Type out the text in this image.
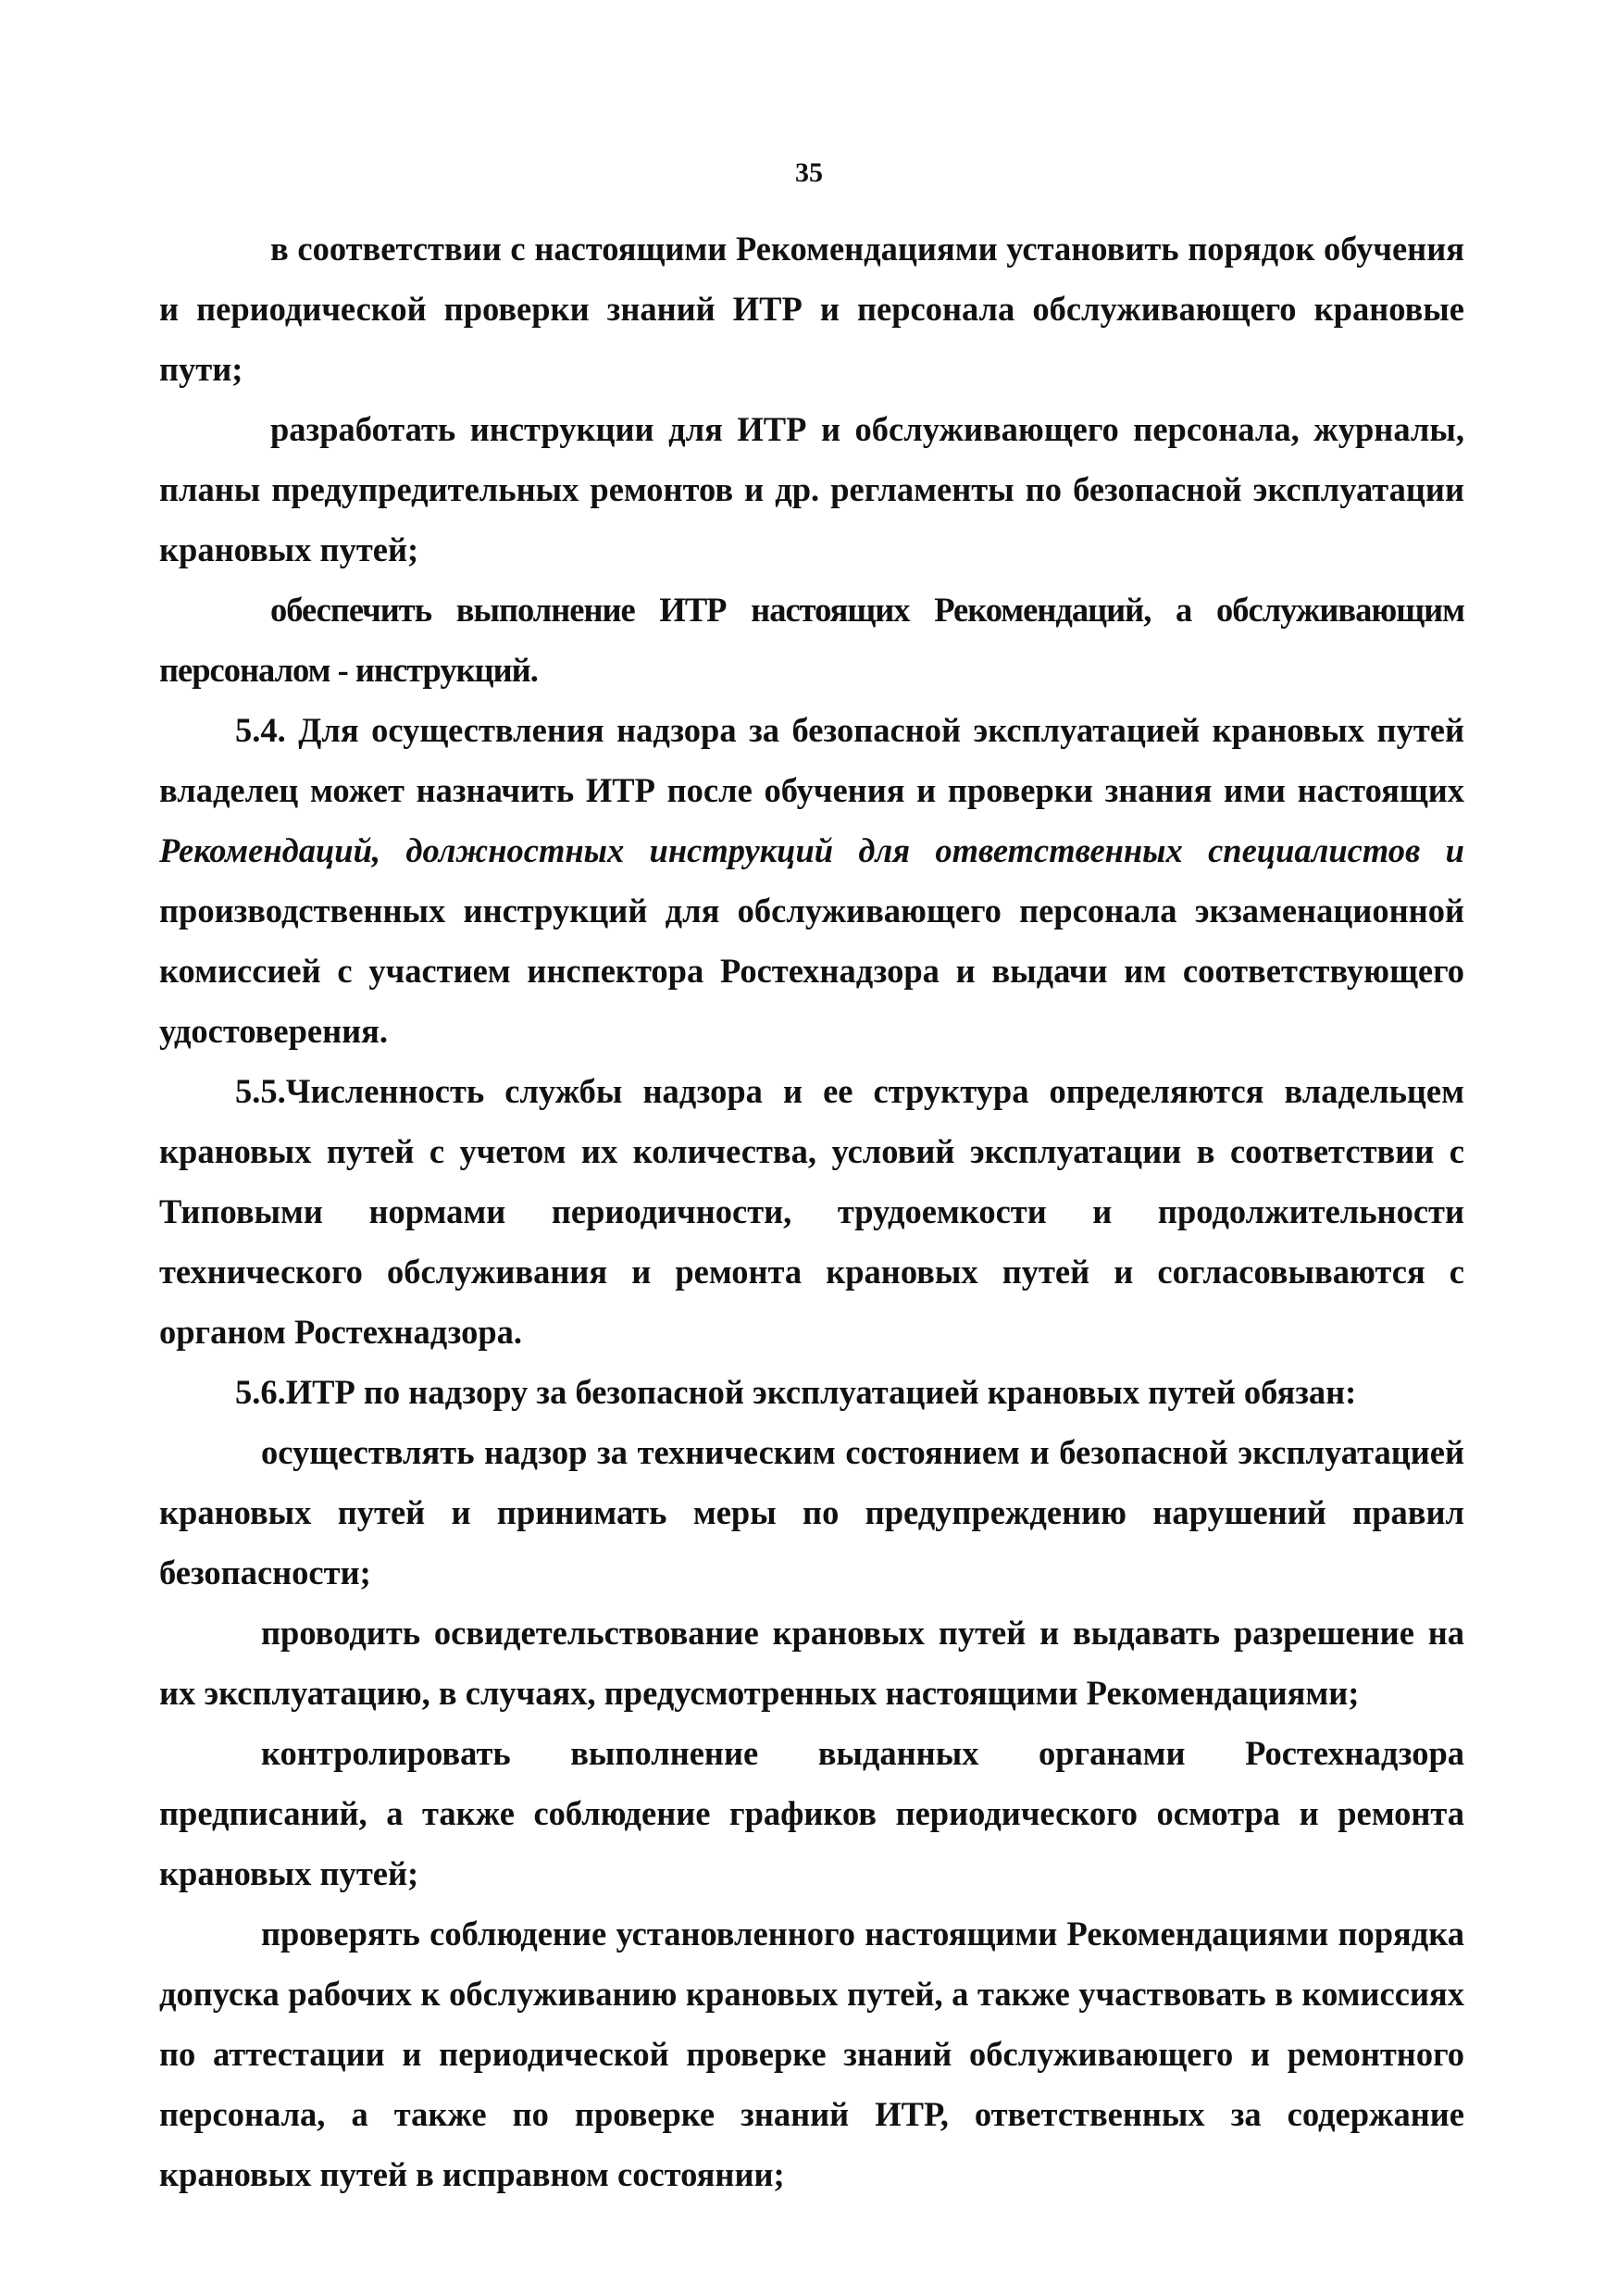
35

в соответствии с настоящими Рекомендациями установить порядок обучения и периодической проверки знаний ИТР и персонала обслуживающего крановые пути;

разработать инструкции для ИТР и обслуживающего персонала, журналы, планы предупредительных ремонтов и др. регламенты по безопасной эксплуатации крановых путей;

обеспечить выполнение ИТР настоящих Рекомендаций, а обслуживающим персоналом - инструкций.

5.4. Для осуществления надзора за безопасной эксплуатацией крановых путей владелец может назначить ИТР после обучения и проверки знания ими настоящих Рекомендаций, должностных инструкций для ответственных специалистов и производственных инструкций для обслуживающего персонала экзаменационной комиссией с участием инспектора Ростехнадзора и выдачи им соответствующего удостоверения.

5.5.Численность службы надзора и ее структура определяются владельцем крановых путей с учетом их количества, условий эксплуатации в соответствии с Типовыми нормами периодичности, трудоемкости и продолжительности технического обслуживания и ремонта крановых путей и согласовываются с органом Ростехнадзора.

5.6.ИТР по надзору за безопасной эксплуатацией крановых путей обязан:

осуществлять надзор за техническим состоянием и безопасной эксплуатацией крановых путей и принимать меры по предупреждению нарушений правил безопасности;

проводить освидетельствование крановых путей и выдавать разрешение на их эксплуатацию, в случаях, предусмотренных настоящими Рекомендациями;

контролировать выполнение выданных органами Ростехнадзора предписаний, а также соблюдение графиков периодического осмотра и ремонта крановых путей;

проверять соблюдение установленного настоящими Рекомендациями порядка допуска рабочих к обслуживанию крановых путей, а также участвовать в комиссиях по аттестации и периодической проверке знаний обслуживающего и ремонтного персонала, а также по проверке знаний ИТР, ответственных за содержание крановых путей в исправном состоянии;
